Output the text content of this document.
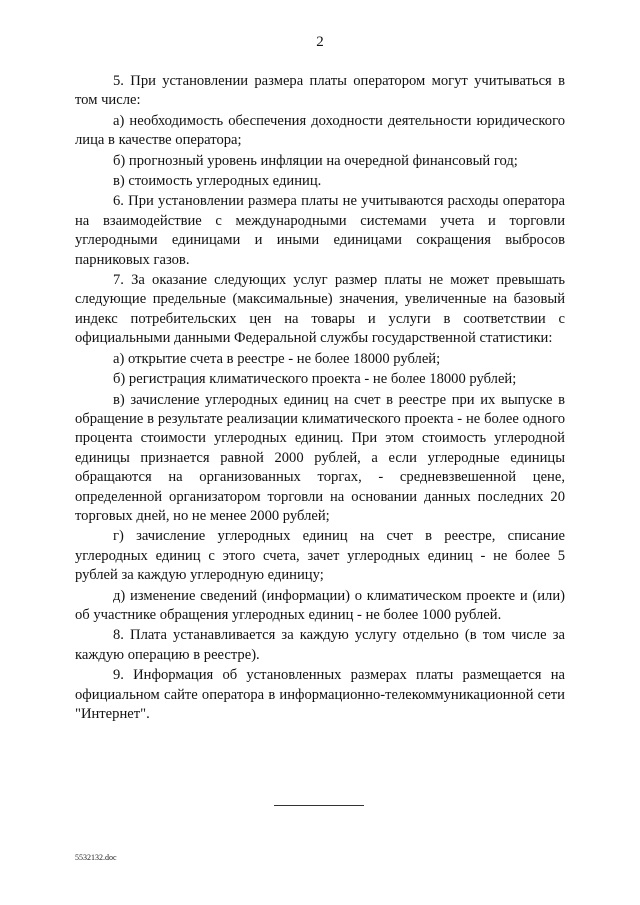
2

5. При установлении размера платы оператором могут учитываться в том числе:

а) необходимость обеспечения доходности деятельности юридического лица в качестве оператора;

б) прогнозный уровень инфляции на очередной финансовый год;

в) стоимость углеродных единиц.

6. При установлении размера платы не учитываются расходы оператора на взаимодействие с международными системами учета и торговли углеродными единицами и иными единицами сокращения выбросов парниковых газов.

7. За оказание следующих услуг размер платы не может превышать следующие предельные (максимальные) значения, увеличенные на базовый индекс потребительских цен на товары и услуги в соответствии с официальными данными Федеральной службы государственной статистики:

а) открытие счета в реестре - не более 18000 рублей;

б) регистрация климатического проекта - не более 18000 рублей;

в) зачисление углеродных единиц на счет в реестре при их выпуске в обращение в результате реализации климатического проекта - не более одного процента стоимости углеродных единиц. При этом стоимость углеродной единицы признается равной 2000 рублей, а если углеродные единицы обращаются на организованных торгах, - средневзвешенной цене, определенной организатором торговли на основании данных последних 20 торговых дней, но не менее 2000 рублей;

г) зачисление углеродных единиц на счет в реестре, списание углеродных единиц с этого счета, зачет углеродных единиц - не более 5 рублей за каждую углеродную единицу;

д) изменение сведений (информации) о климатическом проекте и (или) об участнике обращения углеродных единиц - не более 1000 рублей.

8. Плата устанавливается за каждую услугу отдельно (в том числе за каждую операцию в реестре).

9. Информация об установленных размерах платы размещается на официальном сайте оператора в информационно-телекоммуникационной сети "Интернет".

5532132.doc
